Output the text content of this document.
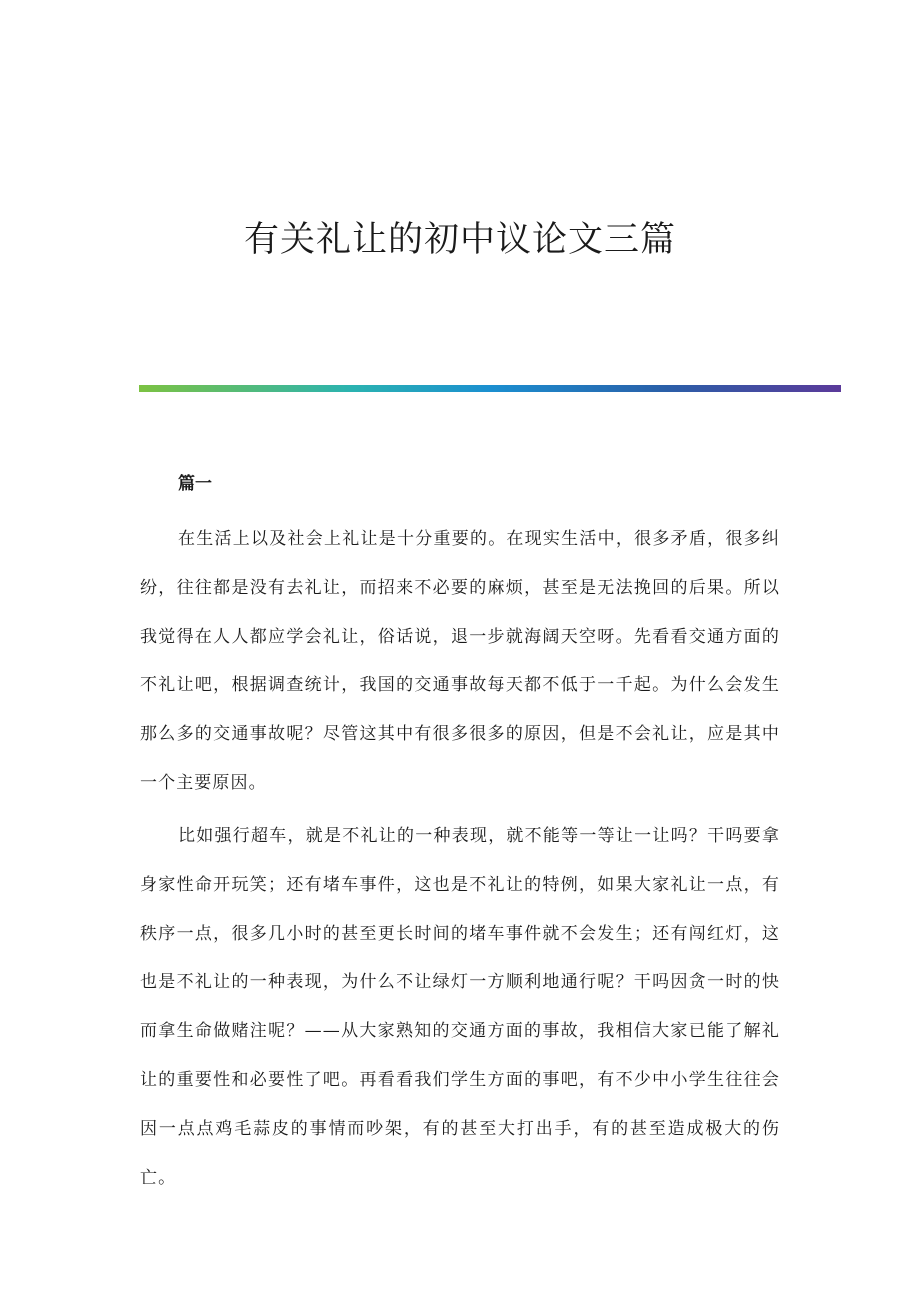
有关礼让的初中议论文三篇
篇一

在生活上以及社会上礼让是十分重要的。在现实生活中，很多矛盾，很多纠纷，往往都是没有去礼让，而招来不必要的麻烦，甚至是无法挽回的后果。所以我觉得在人人都应学会礼让，俗话说，退一步就海阔天空呀。先看看交通方面的不礼让吧，根据调查统计，我国的交通事故每天都不低于一千起。为什么会发生那么多的交通事故呢？尽管这其中有很多很多的原因，但是不会礼让，应是其中一个主要原因。

比如强行超车，就是不礼让的一种表现，就不能等一等让一让吗？干吗要拿身家性命开玩笑；还有堵车事件，这也是不礼让的特例，如果大家礼让一点，有秩序一点，很多几小时的甚至更长时间的堵车事件就不会发生；还有闯红灯，这也是不礼让的一种表现，为什么不让绿灯一方顺利地通行呢？干吗因贪一时的快而拿生命做赌注呢？——从大家熟知的交通方面的事故，我相信大家已能了解礼让的重要性和必要性了吧。再看看我们学生方面的事吧，有不少中小学生往往会因一点点鸡毛蒜皮的事情而吵架，有的甚至大打出手，有的甚至造成极大的伤亡。
